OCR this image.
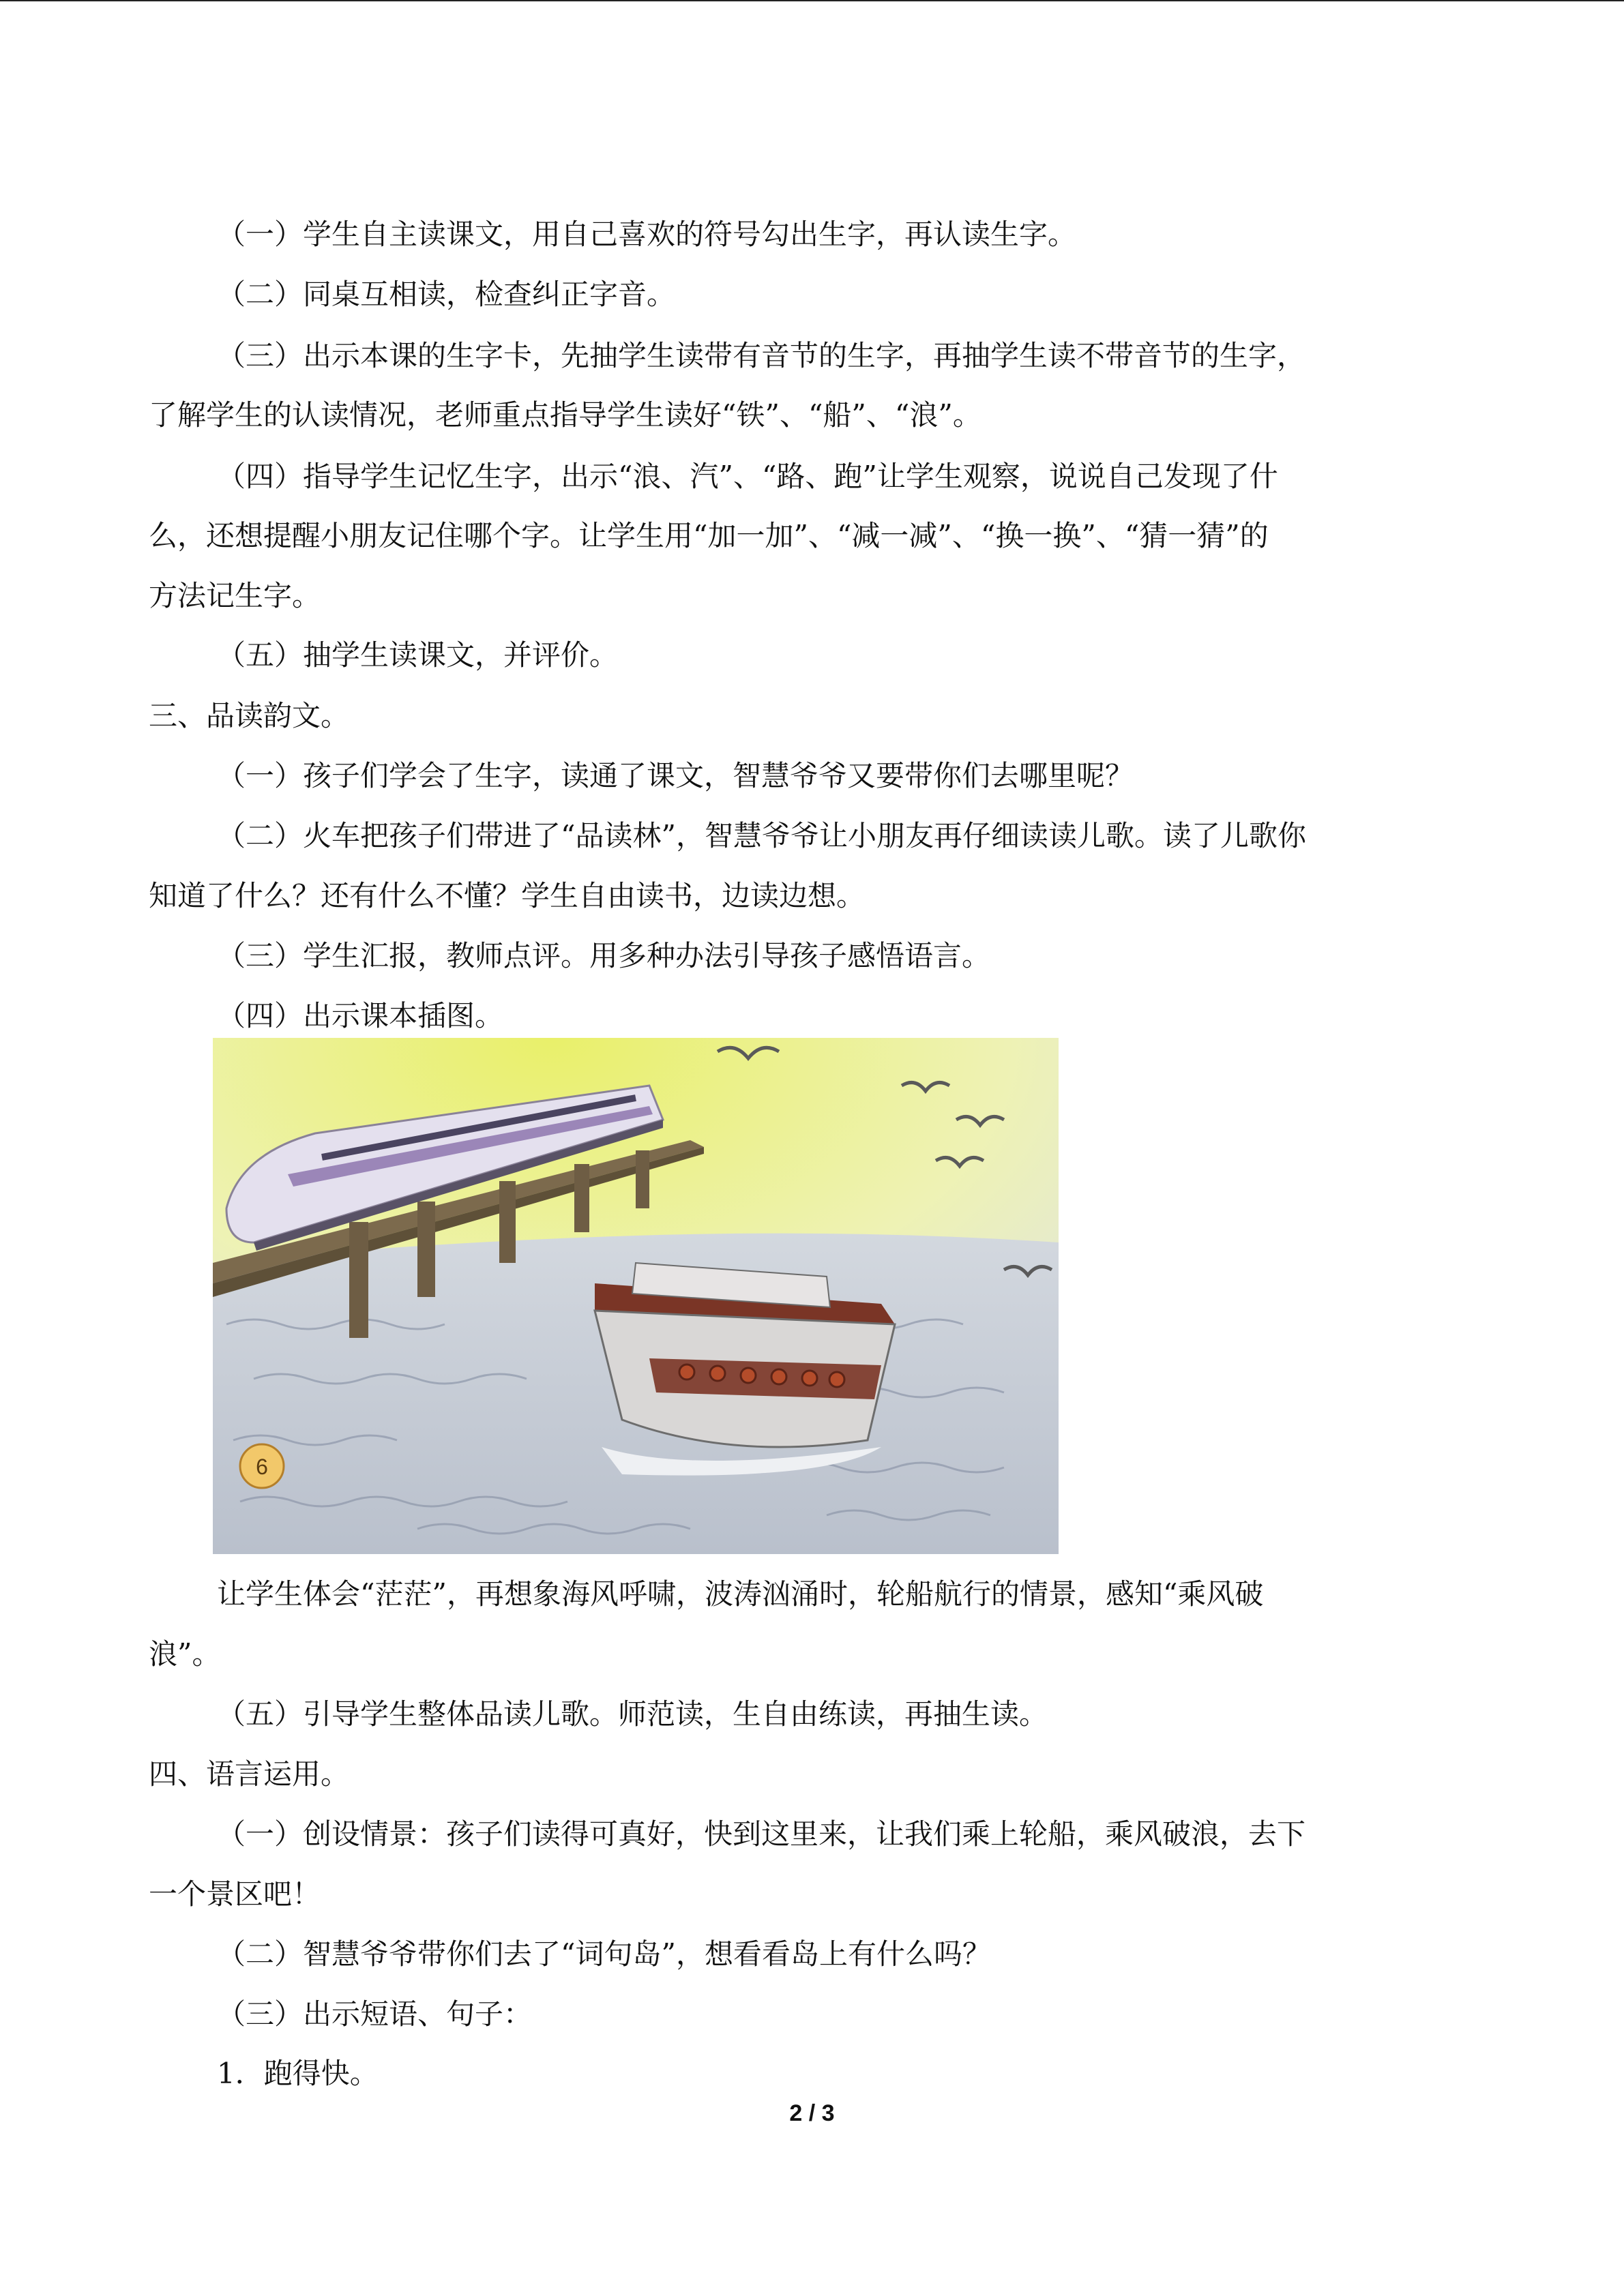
（一）学生自主读课文，用自己喜欢的符号勾出生字，再认读生字。
（二）同桌互相读，检查纠正字音。
（三）出示本课的生字卡，先抽学生读带有音节的生字，再抽学生读不带音节的生字，
了解学生的认读情况，老师重点指导学生读好“铁”、“船”、“浪”。
（四）指导学生记忆生字，出示“浪、汽”、“路、跑”让学生观察，说说自己发现了什
么，还想提醒小朋友记住哪个字。让学生用“加一加”、“减一减”、“换一换”、“猜一猜”的
方法记生字。
（五）抽学生读课文，并评价。
三、品读韵文。
（一）孩子们学会了生字，读通了课文，智慧爷爷又要带你们去哪里呢？
（二）火车把孩子们带进了“品读林”，智慧爷爷让小朋友再仔细读读儿歌。读了儿歌你
知道了什么？还有什么不懂？学生自由读书，边读边想。
（三）学生汇报，教师点评。用多种办法引导孩子感悟语言。
（四）出示课本插图。
6
让学生体会“茫茫”，再想象海风呼啸，波涛汹涌时，轮船航行的情景，感知“乘风破
浪”。
（五）引导学生整体品读儿歌。师范读，生自由练读，再抽生读。
四、语言运用。
（一）创设情景：孩子们读得可真好，快到这里来，让我们乘上轮船，乘风破浪，去下
一个景区吧！
（二）智慧爷爷带你们去了“词句岛”，想看看岛上有什么吗？
（三）出示短语、句子：
1．跑得快。
2 / 3
